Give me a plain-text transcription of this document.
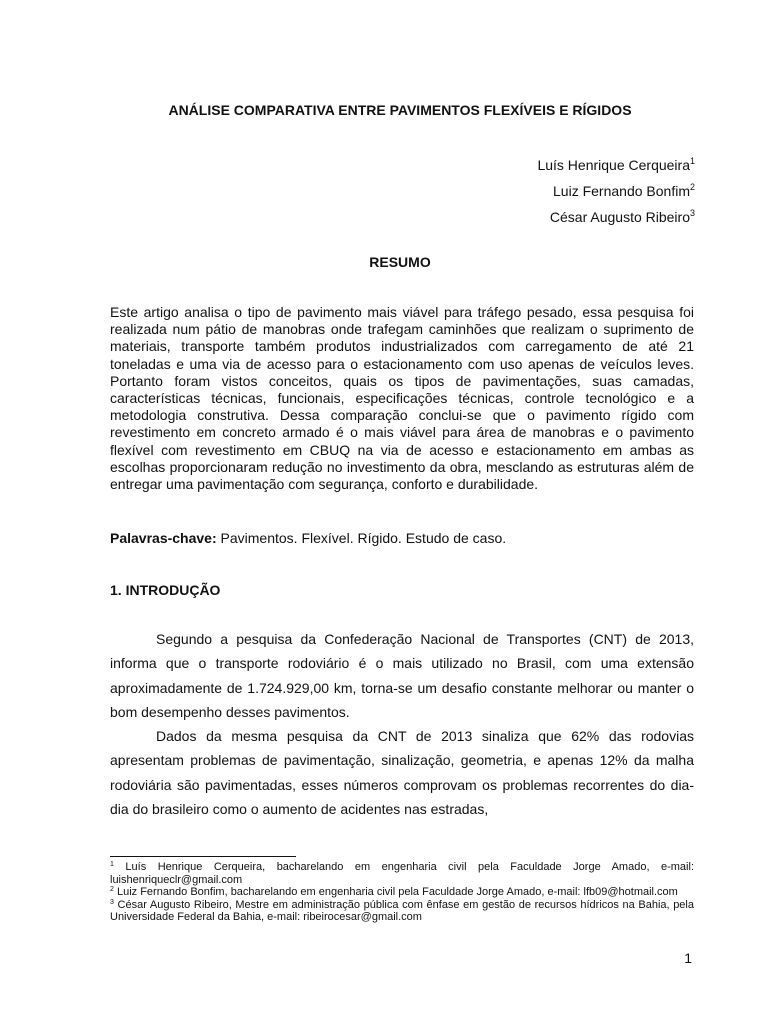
ANÁLISE COMPARATIVA ENTRE PAVIMENTOS FLEXÍVEIS E RÍGIDOS
Luís Henrique Cerqueira$^1$
Luiz Fernando Bonfim$^2$
César Augusto Ribeiro$^3$
RESUMO

Este artigo analisa o tipo de pavimento mais viável para tráfego pesado, essa pesquisa foi realizada num pátio de manobras onde trafegam caminhões que realizam o suprimento de materiais, transporte também produtos industrializados com carregamento de até 21 toneladas e uma via de acesso para o estacionamento com uso apenas de veículos leves. Portanto foram vistos conceitos, quais os tipos de pavimentações, suas camadas, características técnicas, funcionais, especificações técnicas, controle tecnológico e a metodologia construtiva. Dessa comparação conclui-se que o pavimento rígido com revestimento em concreto armado é o mais viável para área de manobras e o pavimento flexível com revestimento em CBUQ na via de acesso e estacionamento em ambas as escolhas proporcionaram redução no investimento da obra, mesclando as estruturas além de entregar uma pavimentação com segurança, conforto e durabilidade.

Palavras-chave: Pavimentos. Flexível. Rígido. Estudo de caso.

1. INTRODUÇÃO

Segundo a pesquisa da Confederação Nacional de Transportes (CNT) de 2013, informa que o transporte rodoviário é o mais utilizado no Brasil, com uma extensão aproximadamente de 1.724.929,00 km, torna-se um desafio constante melhorar ou manter o bom desempenho desses pavimentos.

Dados da mesma pesquisa da CNT de 2013 sinaliza que 62% das rodovias apresentam problemas de pavimentação, sinalização, geometria, e apenas 12% da malha rodoviária são pavimentadas, esses números comprovam os problemas recorrentes do dia-dia do brasileiro como o aumento de acidentes nas estradas,

$^1$ Luís Henrique Cerqueira, bacharelando em engenharia civil pela Faculdade Jorge Amado, e-mail: luishenriqueclr@gmail.com

$^2$ Luiz Fernando Bonfim, bacharelando em engenharia civil pela Faculdade Jorge Amado, e-mail: lfb09@hotmail.com

$^3$ César Augusto Ribeiro, Mestre em administração pública com ênfase em gestão de recursos hídricos na Bahia, pela Universidade Federal da Bahia, e-mail: ribeirocesar@gmail.com

1
